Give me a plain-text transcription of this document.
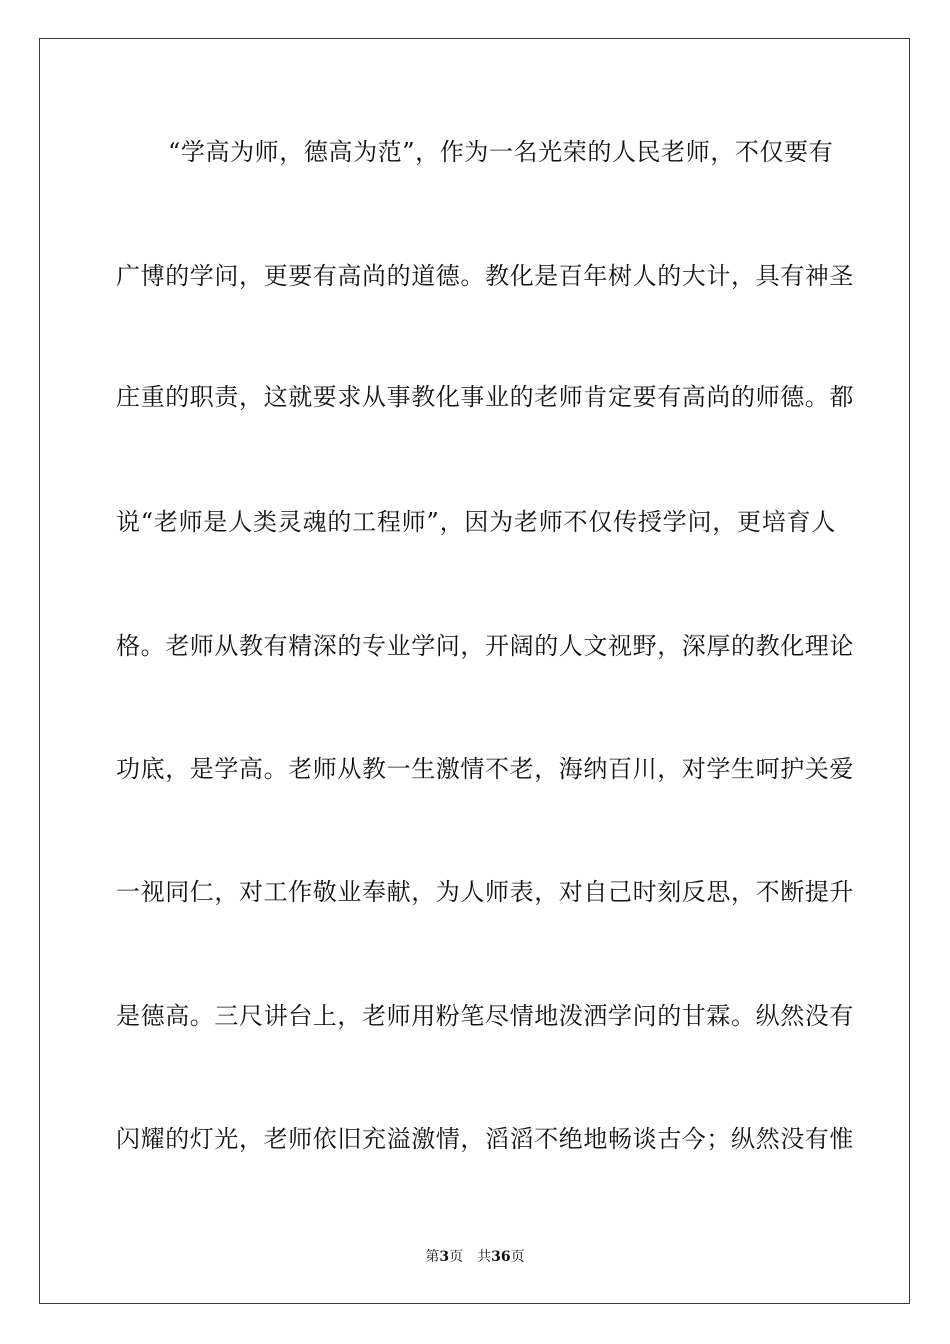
“学高为师，德高为范”，作为一名光荣的人民老师，不仅要有
广博的学问，更要有高尚的道德。教化是百年树人的大计，具有神圣
庄重的职责，这就要求从事教化事业的老师肯定要有高尚的师德。都
说“老师是人类灵魂的工程师”，因为老师不仅传授学问，更培育人
格。老师从教有精深的专业学问，开阔的人文视野，深厚的教化理论
功底，是学高。老师从教一生激情不老，海纳百川，对学生呵护关爱
一视同仁，对工作敬业奉献，为人师表，对自己时刻反思，不断提升
是德高。三尺讲台上，老师用粉笔尽情地泼洒学问的甘霖。纵然没有
闪耀的灯光，老师依旧充溢激情，滔滔不绝地畅谈古今；纵然没有惟
第3页 共36页
